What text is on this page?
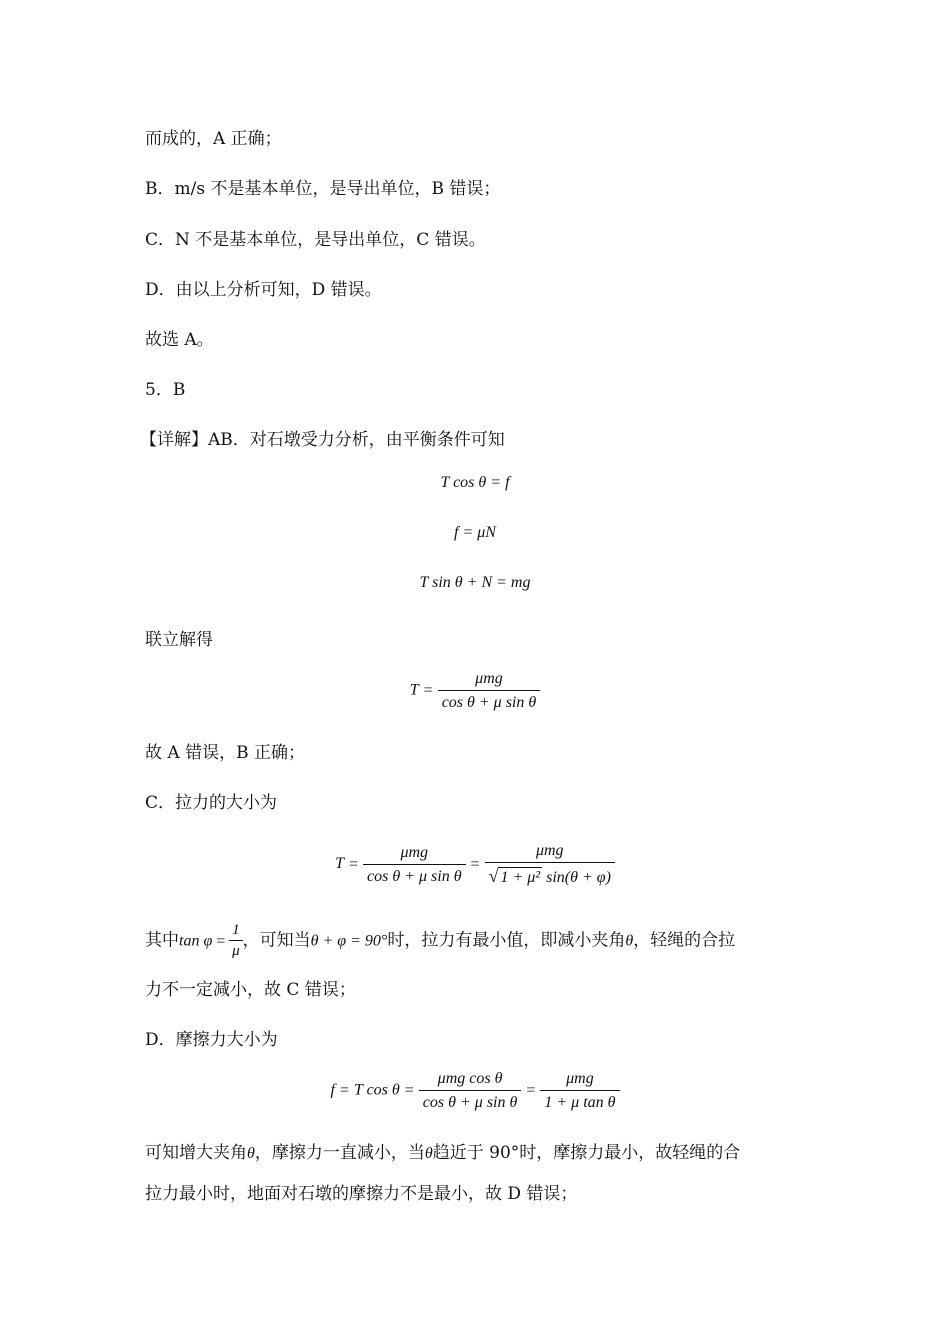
而成的，A 正确；
B．m/s 不是基本单位，是导出单位，B 错误；
C．N 不是基本单位，是导出单位，C 错误。
D．由以上分析可知，D 错误。
故选 A。
5．B
【详解】AB．对石墩受力分析，由平衡条件可知
T cos θ = f
f = μN
T sin θ + N = mg
联立解得
$T = \frac{\text{μmg}}{\text{cos θ + μ sin θ}}$
故 A 错误，B 正确；
C．拉力的大小为
$T = \frac{\text{μmg}}{\text{cos θ + μ sin θ}} = \frac{\text{μmg}}{\text{√ 1 + μ² sin(θ + φ)}}$
其中$\tan \varphi = \frac{1}{\mu}$ ，可知当θ + φ = 90°时，拉力有最小值，即减小夹角θ，轻绳的合拉
力不一定减小，故 C 错误；
D．摩擦力大小为
f = T $\cos \theta = \frac{\text{μmg cos θ}}{\text{cos θ + μ sin θ}} = \frac{\text{μmg}}{\text{1 + μ tan θ}}$
可知增大夹角θ，摩擦力一直减小，当θ趋近于 90°时，摩擦力最小，故轻绳的合
拉力最小时，地面对石墩的摩擦力不是最小，故 D 错误；
